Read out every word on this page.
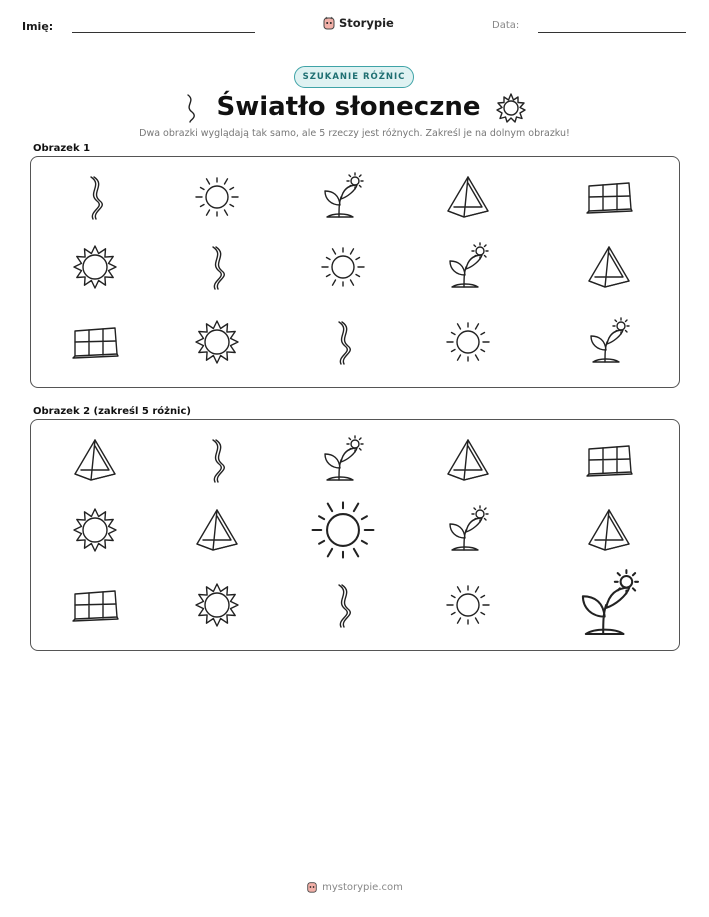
Imię:	Storypie	Data:
SZUKANIE RÓŻNIC
Światło słoneczne
Dwa obrazki wyglądają tak samo, ale 5 rzeczy jest różnych. Zakreśl je na dolnym obrazku!
Obrazek 1
Obrazek 2 (zakreśl 5 różnic)
mystorypie.com
